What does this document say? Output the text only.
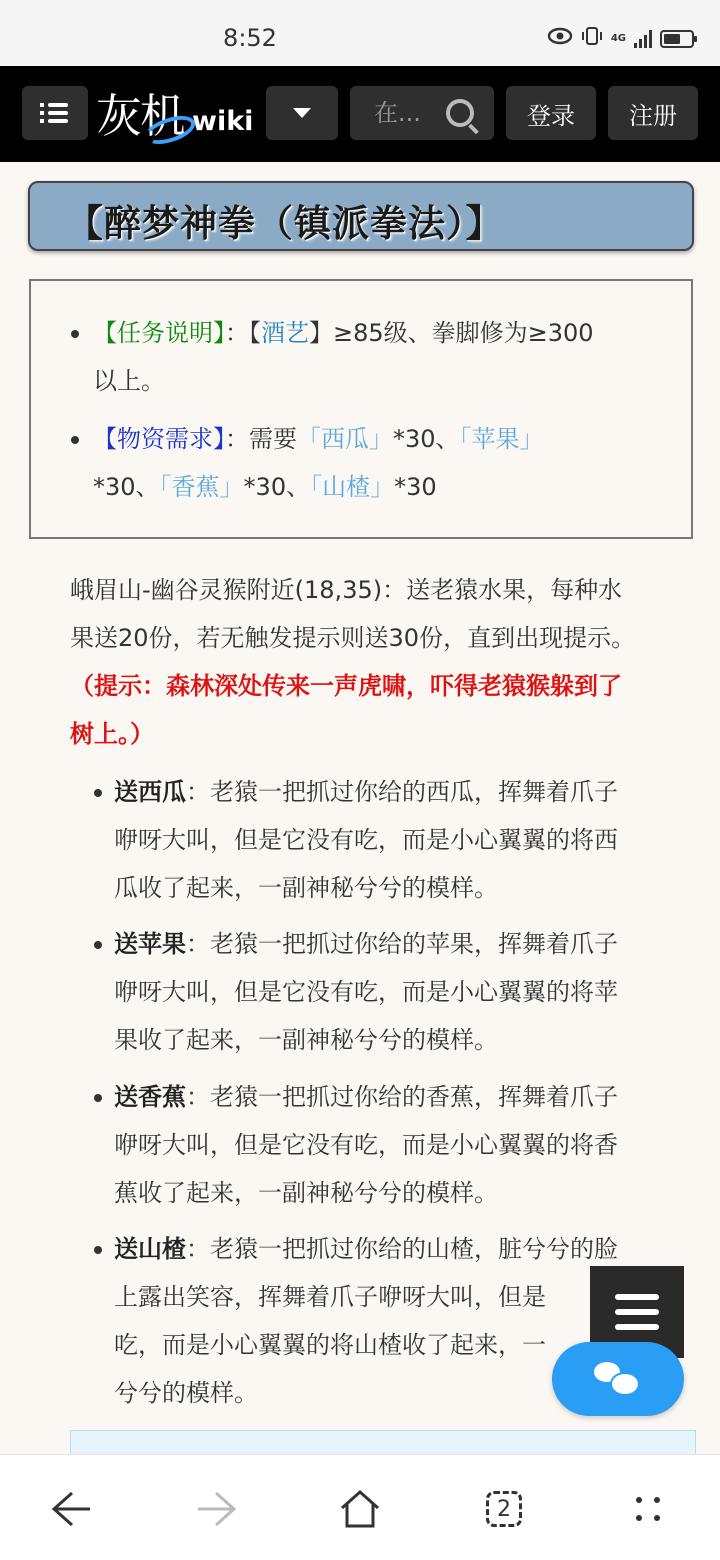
8:52	4G
灰机 wiki
在...	登录	注册
【醉梦神拳（镇派拳法）】
【任务说明】：【酒艺】≥85级、拳脚修为≥300
以上。
【物资需求】：需要「西瓜」*30、「苹果」
*30、「香蕉」*30、「山楂」*30
峨眉山-幽谷灵猴附近(18,35)：送老猿水果，每种水
果送20份，若无触发提示则送30份，直到出现提示。
（提示：森林深处传来一声虎啸，吓得老猿猴躲到了
树上。）
送西瓜：老猿一把抓过你给的西瓜，挥舞着爪子
咿呀大叫，但是它没有吃，而是小心翼翼的将西
瓜收了起来，一副神秘兮兮的模样。
送苹果：老猿一把抓过你给的苹果，挥舞着爪子
咿呀大叫，但是它没有吃，而是小心翼翼的将苹
果收了起来，一副神秘兮兮的模样。
送香蕉：老猿一把抓过你给的香蕉，挥舞着爪子
咿呀大叫，但是它没有吃，而是小心翼翼的将香
蕉收了起来，一副神秘兮兮的模样。
送山楂：老猿一把抓过你给的山楂，脏兮兮的脸
上露出笑容，挥舞着爪子咿呀大叫，但是
吃，而是小心翼翼的将山楂收了起来，一
兮兮的模样。
2
